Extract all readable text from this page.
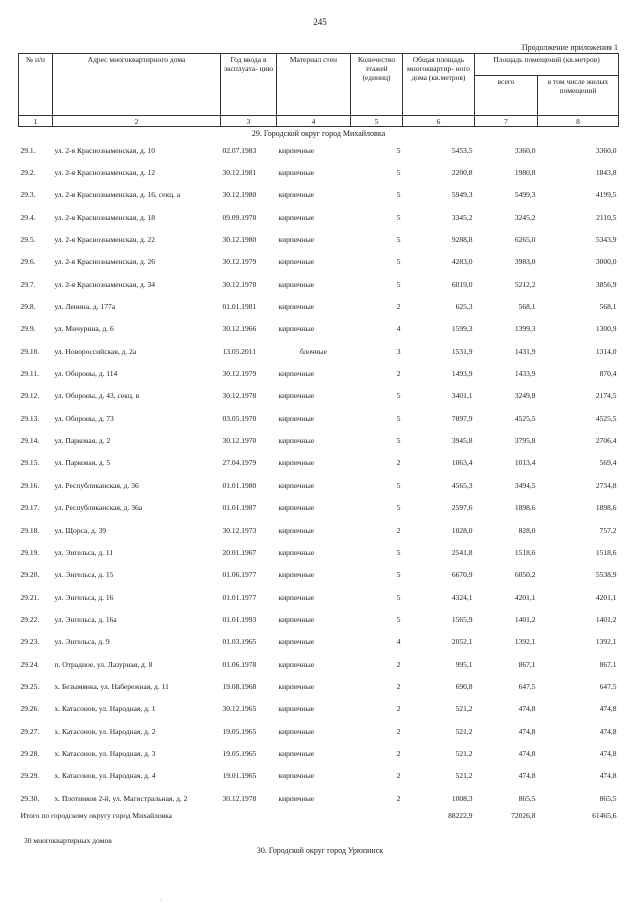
245
Продолжение приложения 1
№ п/п	Адрес многоквартирного дома	Год ввода в эксплуата- цию	Материал стен	Количество этажей (единиц)	Общая площадь многоквартир- ного дома (кв.метров)	Площадь помещений (кв.метров)	
						всего	в том числе жилых помещений
1	2	3	4	5	6	7	8
29. Городской округ город Михайловка							
29.1.	ул. 2-я Краснознаменская, д. 10	02.07.1983	кирпичные	5	5453,5	3360,0	3360,0
29.2.	ул. 2-я Краснознаменская, д. 12	30.12.1981	кирпичные	5	2200,8	1980,8	1843,8
29.3.	ул. 2-я Краснознаменская, д. 16, секц. а	30.12.1980	кирпичные	5	5949,3	5499,3	4199,5
29.4.	ул. 2-я Краснознаменская, д. 18	09.09.1978	кирпичные	5	3345,2	3245,2	2110,5
29.5.	ул. 2-я Краснознаменская, д. 22	30.12.1980	кирпичные	5	9288,8	6265,0	5343,9
29.6.	ул. 2-я Краснознаменская, д. 26	30.12.1979	кирпичные	5	4283,0	3983,0	3000,0
29.7.	ул. 2-я Краснознаменская, д. 34	30.12.1978	кирпичные	5	6019,0	5212,2	3856,9
29.8.	ул. Ленина, д. 177а	01.01.1981	кирпичные	2	625,3	568,1	568,1
29.9.	ул. Мичурина, д. 6	30.12.1966	кирпичные	4	1599,3	1399,3	1300,9
29.10.	ул. Новороссийская, д. 2а	13.05.2011	блочные	3	1531,9	1431,9	1314,0
29.11.	ул. Обороны, д. 114	30.12.1979	кирпичные	2	1493,9	1433,9	870,4
29.12.	ул. Обороны, д. 43, секц. в	30.12.1978	кирпичные	5	3401,1	3249,8	2174,5
29.13.	ул. Обороны, д. 73	03.05.1978	кирпичные	5	7897,9	4525,5	4525,5
29.14.	ул. Парковая, д. 2	30.12.1970	кирпичные	5	3945,8	3795,8	2706,4
29.15.	ул. Парковая, д. 5	27.04.1979	кирпичные	2	1063,4	1013,4	569,4
29.16.	ул. Республиканская, д. 36	01.01.1980	кирпичные	5	4565,3	3494,5	2734,8
29.17.	ул. Республиканская, д. 36а	01.01.1987	кирпичные	5	2597,6	1898,6	1898,6
29.18.	ул. Щорса, д. 39	30.12.1973	кирпичные	2	1028,0	828,0	757,2
29.19.	ул. Энгельса, д. 11	20.01.1967	кирпичные	5	2541,8	1518,6	1518,6
29.20.	ул. Энгельса, д. 15	01.06.1977	кирпичные	5	6670,9	6050,2	5538,9
29.21.	ул. Энгельса, д. 16	01.01.1977	кирпичные	5	4324,1	4201,1	4201,1
29.22.	ул. Энгельса, д. 16а	01.01.1993	кирпичные	5	1565,9	1401,2	1401,2
29.23.	ул. Энгельса, д. 9	01.03.1965	кирпичные	4	2052,1	1392,1	1392,1
29.24.	п. Отрадное, ул. Лазурная, д. 8	01.06.1978	кирпичные	2	995,1	867,1	867,1
29.25.	х. Безымянка, ул. Набережная, д. 11	19.08.1968	кирпичные	2	690,8	647,5	647,5
29.26.	х. Катасонов, ул. Народная, д. 1	30.12.1965	кирпичные	2	521,2	474,8	474,8
29.27.	х. Катасонов, ул. Народная, д. 2	19.05.1965	кирпичные	2	521,2	474,8	474,8
29.28.	х. Катасонов, ул. Народная, д. 3	19.05.1965	кирпичные	2	521,2	474,8	474,8
29.29.	х. Катасонов, ул. Народная, д. 4	19.01.1965	кирпичные	2	521,2	474,8	474,8
29.30.	х. Плотников 2-й, ул. Магистральная, д. 2	30.12.1978	кирпичные	2	1008,3	865,5	865,5
Итого по городскому округу город Михайловка					88222,9	72026,8	61465,6
30 многоквартирных домов
30. Городской округ город Урюпинск
.
